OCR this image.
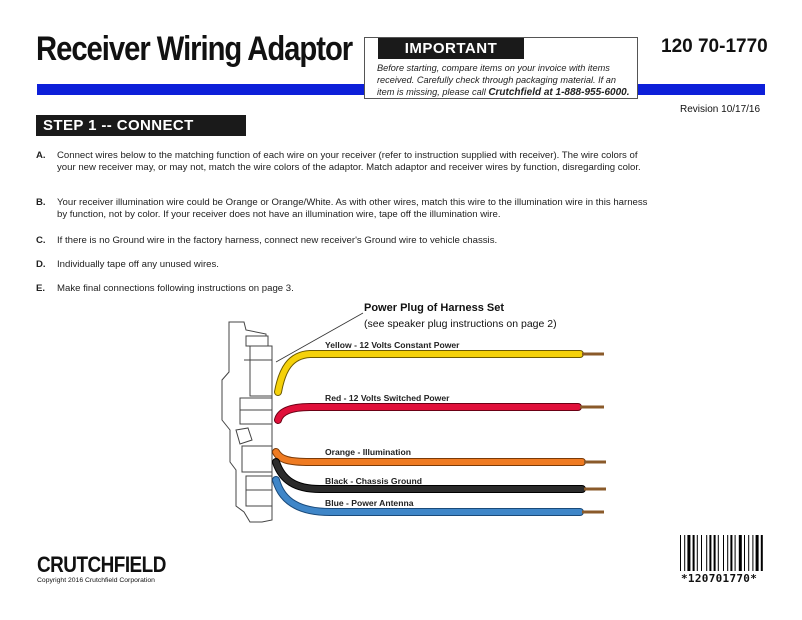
Receiver Wiring Adaptor	120 70-1770
IMPORTANT
Before starting, compare items on your invoice with items received. Carefully check through packaging material. If an item is missing, please call Crutchfield at 1-888-955-6000.
Revision 10/17/16
STEP 1 -- CONNECT WIRES
A. Connect wires below to the matching function of each wire on your receiver (refer to instruction supplied with receiver). The wire colors of your new receiver may, or may not, match the wire colors of the adaptor. Match adaptor and receiver wires by function, disregarding color.
B. Your receiver illumination wire could be Orange or Orange/White. As with other wires, match this wire to the illumination wire in this harness by function, not by color. If your receiver does not have an illumination wire, tape off the illumination wire.
C. If there is no Ground wire in the factory harness, connect new receiver's Ground wire to vehicle chassis.
D. Individually tape off any unused wires.
E. Make final connections following instructions on page 3.
Power Plug of Harness Set
(see speaker plug instructions on page 2)
Yellow - 12 Volts Constant Power
Red - 12 Volts Switched Power
Orange - Illumination
Black - Chassis Ground
Blue - Power Antenna
CRUTCHFIELD
Copyright 2016 Crutchfield Corporation	*120701770*
